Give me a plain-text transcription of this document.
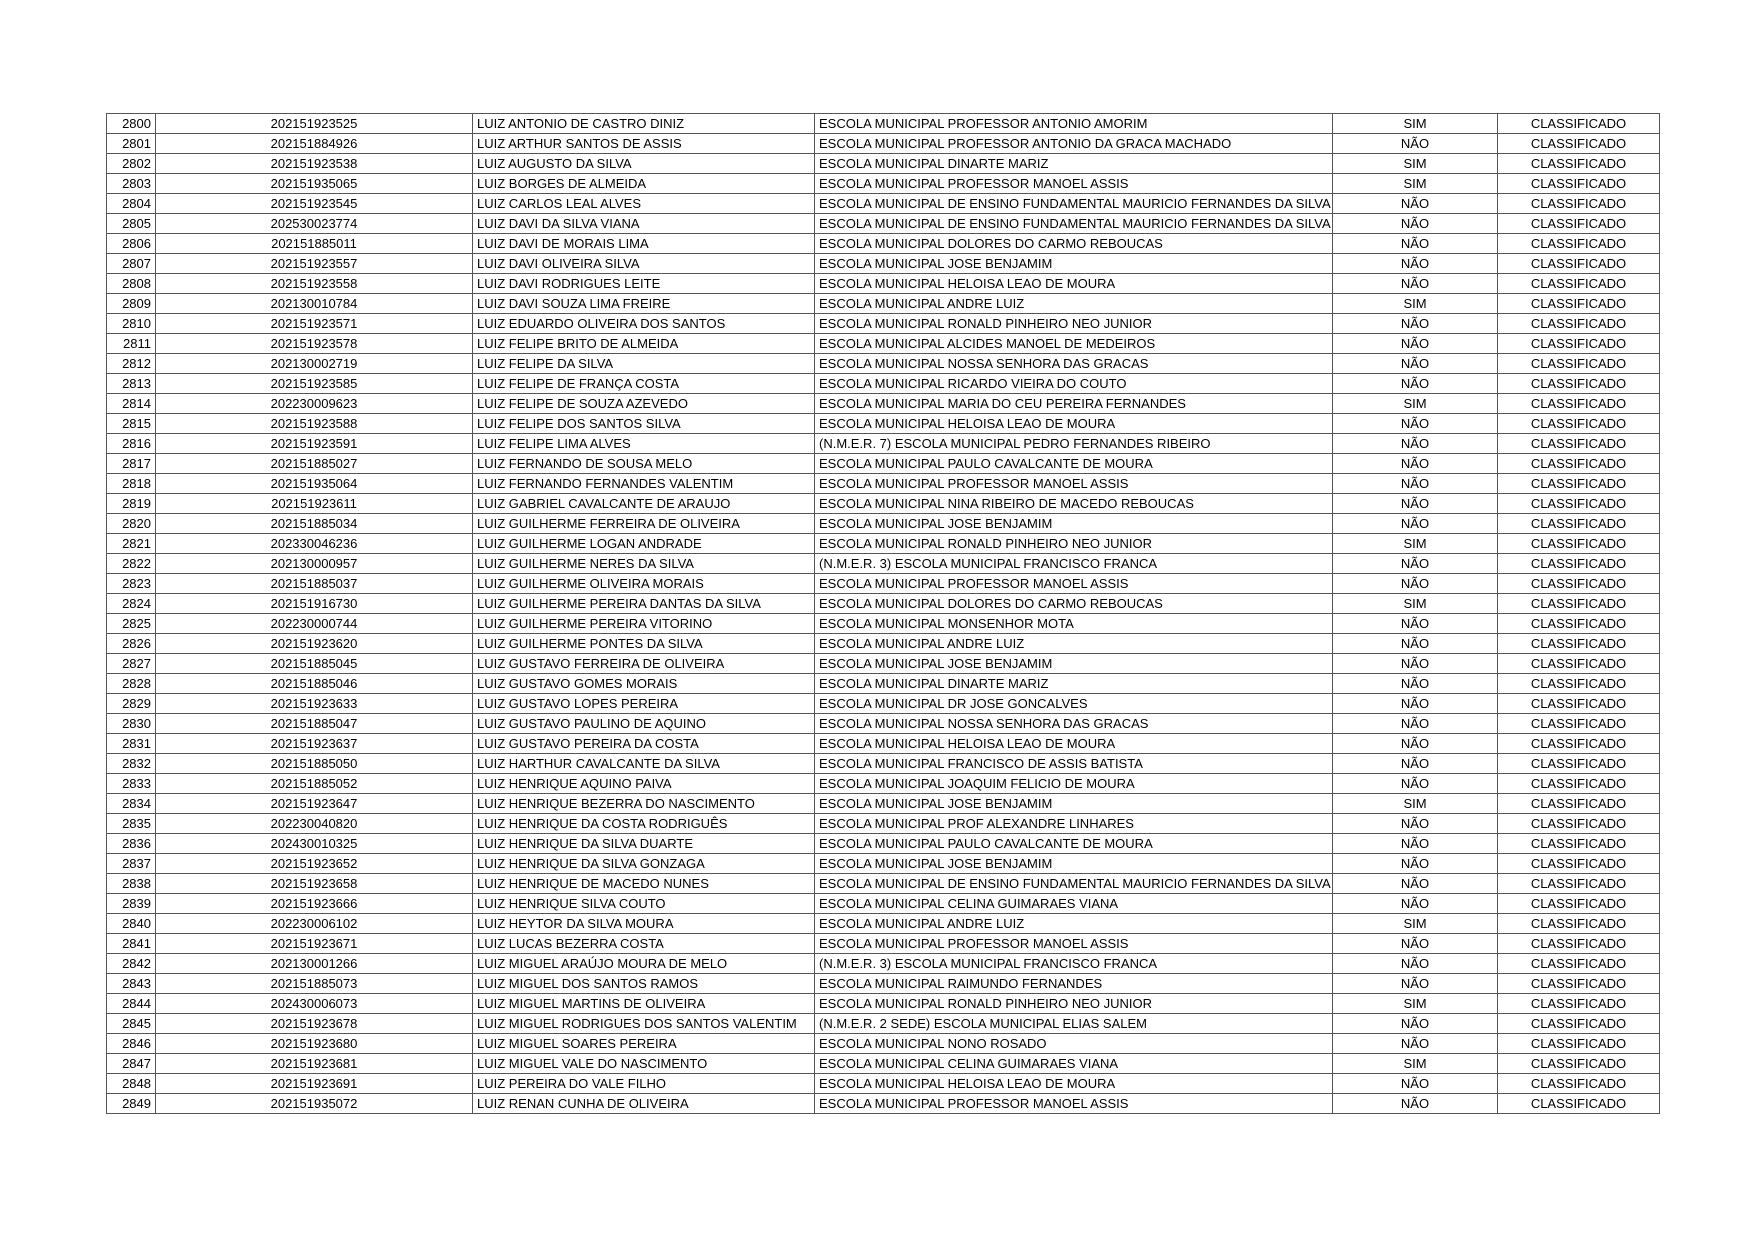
2800	202151923525	LUIZ ANTONIO DE CASTRO DINIZ	ESCOLA MUNICIPAL PROFESSOR ANTONIO AMORIM	SIM	CLASSIFICADO
2801	202151884926	LUIZ ARTHUR SANTOS DE ASSIS	ESCOLA MUNICIPAL PROFESSOR ANTONIO DA GRACA MACHADO	NÃO	CLASSIFICADO
2802	202151923538	LUIZ AUGUSTO DA SILVA	ESCOLA MUNICIPAL DINARTE MARIZ	SIM	CLASSIFICADO
2803	202151935065	LUIZ BORGES DE ALMEIDA	ESCOLA MUNICIPAL PROFESSOR MANOEL ASSIS	SIM	CLASSIFICADO
2804	202151923545	LUIZ CARLOS LEAL ALVES	ESCOLA MUNICIPAL DE ENSINO FUNDAMENTAL MAURICIO FERNANDES DA SILVA	NÃO	CLASSIFICADO
2805	202530023774	LUIZ DAVI DA SILVA VIANA	ESCOLA MUNICIPAL DE ENSINO FUNDAMENTAL MAURICIO FERNANDES DA SILVA	NÃO	CLASSIFICADO
2806	202151885011	LUIZ DAVI DE MORAIS LIMA	ESCOLA MUNICIPAL DOLORES DO CARMO REBOUCAS	NÃO	CLASSIFICADO
2807	202151923557	LUIZ DAVI OLIVEIRA SILVA	ESCOLA MUNICIPAL JOSE BENJAMIM	NÃO	CLASSIFICADO
2808	202151923558	LUIZ DAVI RODRIGUES LEITE	ESCOLA MUNICIPAL HELOISA LEAO DE MOURA	NÃO	CLASSIFICADO
2809	202130010784	LUIZ DAVI SOUZA LIMA FREIRE	ESCOLA MUNICIPAL ANDRE LUIZ	SIM	CLASSIFICADO
2810	202151923571	LUIZ EDUARDO OLIVEIRA DOS SANTOS	ESCOLA MUNICIPAL RONALD PINHEIRO NEO JUNIOR	NÃO	CLASSIFICADO
2811	202151923578	LUIZ FELIPE BRITO DE ALMEIDA	ESCOLA MUNICIPAL ALCIDES MANOEL DE MEDEIROS	NÃO	CLASSIFICADO
2812	202130002719	LUIZ FELIPE DA SILVA	ESCOLA MUNICIPAL NOSSA SENHORA DAS GRACAS	NÃO	CLASSIFICADO
2813	202151923585	LUIZ FELIPE DE FRANÇA COSTA	ESCOLA MUNICIPAL RICARDO VIEIRA DO COUTO	NÃO	CLASSIFICADO
2814	202230009623	LUIZ FELIPE DE SOUZA AZEVEDO	ESCOLA MUNICIPAL MARIA DO CEU PEREIRA FERNANDES	SIM	CLASSIFICADO
2815	202151923588	LUIZ FELIPE DOS SANTOS SILVA	ESCOLA MUNICIPAL HELOISA LEAO DE MOURA	NÃO	CLASSIFICADO
2816	202151923591	LUIZ FELIPE LIMA ALVES	(N.M.E.R. 7) ESCOLA MUNICIPAL PEDRO FERNANDES RIBEIRO	NÃO	CLASSIFICADO
2817	202151885027	LUIZ FERNANDO DE SOUSA MELO	ESCOLA MUNICIPAL PAULO CAVALCANTE DE MOURA	NÃO	CLASSIFICADO
2818	202151935064	LUIZ FERNANDO FERNANDES VALENTIM	ESCOLA MUNICIPAL PROFESSOR MANOEL ASSIS	NÃO	CLASSIFICADO
2819	202151923611	LUIZ GABRIEL CAVALCANTE DE ARAUJO	ESCOLA MUNICIPAL NINA RIBEIRO DE MACEDO REBOUCAS	NÃO	CLASSIFICADO
2820	202151885034	LUIZ GUILHERME FERREIRA DE OLIVEIRA	ESCOLA MUNICIPAL JOSE BENJAMIM	NÃO	CLASSIFICADO
2821	202330046236	LUIZ GUILHERME LOGAN ANDRADE	ESCOLA MUNICIPAL RONALD PINHEIRO NEO JUNIOR	SIM	CLASSIFICADO
2822	202130000957	LUIZ GUILHERME NERES DA SILVA	(N.M.E.R. 3) ESCOLA MUNICIPAL FRANCISCO FRANCA	NÃO	CLASSIFICADO
2823	202151885037	LUIZ GUILHERME OLIVEIRA MORAIS	ESCOLA MUNICIPAL PROFESSOR MANOEL ASSIS	NÃO	CLASSIFICADO
2824	202151916730	LUIZ GUILHERME PEREIRA DANTAS DA SILVA	ESCOLA MUNICIPAL DOLORES DO CARMO REBOUCAS	SIM	CLASSIFICADO
2825	202230000744	LUIZ GUILHERME PEREIRA VITORINO	ESCOLA MUNICIPAL MONSENHOR MOTA	NÃO	CLASSIFICADO
2826	202151923620	LUIZ GUILHERME PONTES DA SILVA	ESCOLA MUNICIPAL ANDRE LUIZ	NÃO	CLASSIFICADO
2827	202151885045	LUIZ GUSTAVO FERREIRA DE OLIVEIRA	ESCOLA MUNICIPAL JOSE BENJAMIM	NÃO	CLASSIFICADO
2828	202151885046	LUIZ GUSTAVO GOMES MORAIS	ESCOLA MUNICIPAL DINARTE MARIZ	NÃO	CLASSIFICADO
2829	202151923633	LUIZ GUSTAVO LOPES PEREIRA	ESCOLA MUNICIPAL DR JOSE GONCALVES	NÃO	CLASSIFICADO
2830	202151885047	LUIZ GUSTAVO PAULINO DE AQUINO	ESCOLA MUNICIPAL NOSSA SENHORA DAS GRACAS	NÃO	CLASSIFICADO
2831	202151923637	LUIZ GUSTAVO PEREIRA DA COSTA	ESCOLA MUNICIPAL HELOISA LEAO DE MOURA	NÃO	CLASSIFICADO
2832	202151885050	LUIZ HARTHUR CAVALCANTE DA SILVA	ESCOLA MUNICIPAL FRANCISCO DE ASSIS BATISTA	NÃO	CLASSIFICADO
2833	202151885052	LUIZ HENRIQUE AQUINO PAIVA	ESCOLA MUNICIPAL JOAQUIM FELICIO DE MOURA	NÃO	CLASSIFICADO
2834	202151923647	LUIZ HENRIQUE BEZERRA DO NASCIMENTO	ESCOLA MUNICIPAL JOSE BENJAMIM	SIM	CLASSIFICADO
2835	202230040820	LUIZ HENRIQUE DA COSTA RODRIGUÊS	ESCOLA MUNICIPAL PROF ALEXANDRE LINHARES	NÃO	CLASSIFICADO
2836	202430010325	LUIZ HENRIQUE DA SILVA DUARTE	ESCOLA MUNICIPAL PAULO CAVALCANTE DE MOURA	NÃO	CLASSIFICADO
2837	202151923652	LUIZ HENRIQUE DA SILVA GONZAGA	ESCOLA MUNICIPAL JOSE BENJAMIM	NÃO	CLASSIFICADO
2838	202151923658	LUIZ HENRIQUE DE MACEDO NUNES	ESCOLA MUNICIPAL DE ENSINO FUNDAMENTAL MAURICIO FERNANDES DA SILVA	NÃO	CLASSIFICADO
2839	202151923666	LUIZ HENRIQUE SILVA COUTO	ESCOLA MUNICIPAL CELINA GUIMARAES VIANA	NÃO	CLASSIFICADO
2840	202230006102	LUIZ HEYTOR DA SILVA MOURA	ESCOLA MUNICIPAL ANDRE LUIZ	SIM	CLASSIFICADO
2841	202151923671	LUIZ LUCAS BEZERRA COSTA	ESCOLA MUNICIPAL PROFESSOR MANOEL ASSIS	NÃO	CLASSIFICADO
2842	202130001266	LUIZ MIGUEL ARAÚJO MOURA DE MELO	(N.M.E.R. 3) ESCOLA MUNICIPAL FRANCISCO FRANCA	NÃO	CLASSIFICADO
2843	202151885073	LUIZ MIGUEL DOS SANTOS RAMOS	ESCOLA MUNICIPAL RAIMUNDO FERNANDES	NÃO	CLASSIFICADO
2844	202430006073	LUIZ MIGUEL MARTINS DE OLIVEIRA	ESCOLA MUNICIPAL RONALD PINHEIRO NEO JUNIOR	SIM	CLASSIFICADO
2845	202151923678	LUIZ MIGUEL RODRIGUES DOS SANTOS VALENTIM	(N.M.E.R. 2 SEDE) ESCOLA MUNICIPAL ELIAS SALEM	NÃO	CLASSIFICADO
2846	202151923680	LUIZ MIGUEL SOARES PEREIRA	ESCOLA MUNICIPAL NONO ROSADO	NÃO	CLASSIFICADO
2847	202151923681	LUIZ MIGUEL VALE DO NASCIMENTO	ESCOLA MUNICIPAL CELINA GUIMARAES VIANA	SIM	CLASSIFICADO
2848	202151923691	LUIZ PEREIRA DO VALE FILHO	ESCOLA MUNICIPAL HELOISA LEAO DE MOURA	NÃO	CLASSIFICADO
2849	202151935072	LUIZ RENAN CUNHA DE OLIVEIRA	ESCOLA MUNICIPAL PROFESSOR MANOEL ASSIS	NÃO	CLASSIFICADO
